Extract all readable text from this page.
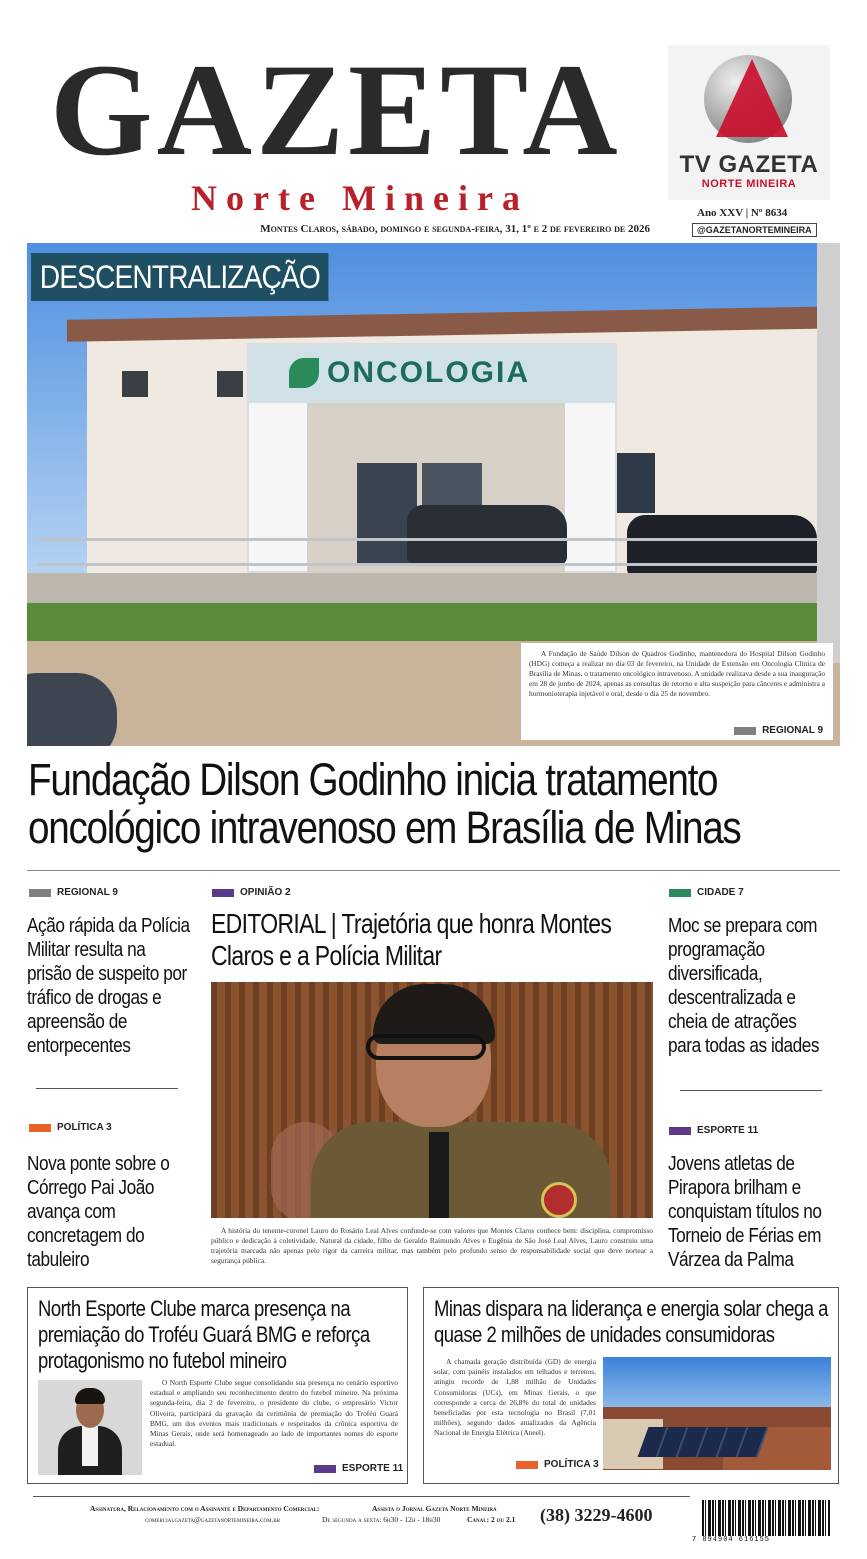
GAZETA
Norte Mineira
Montes Claros, sábado, domingo e segunda-feira, 31, 1º e 2 de fevereiro de 2026
TV GAZETA
NORTE MINEIRA
Ano XXV | Nº 8634
@GAZETANORTEMINEIRA
ONCOLOGIA
DESCENTRALIZAÇÃO

A Fundação de Saúde Dilson de Quadros Godinho, mantenedora do Hospital Dilson Godinho (HDG) começa a realizar no dia 03 de fevereiro, na Unidade de Extensão em Oncologia Clínica de Brasília de Minas, o tratamento oncológico intravenoso. A unidade realizava desde a sua inauguração em 28 de junho de 2024, apenas as consultas de retorno e alta suspeição para cânceres e administra a hormonioterapia injetável e oral, desde o dia 25 de novembro.

REGIONAL 9
Fundação Dilson Godinho inicia tratamento
oncológico intravenoso em Brasília de Minas
REGIONAL 9
Ação rápida da Polícia Militar resulta na prisão de suspeito por tráfico de drogas e apreensão de entorpecentes
POLÍTICA 3
Nova ponte sobre o Córrego Pai João avança com concretagem do tabuleiro
OPINIÃO 2
EDITORIAL | Trajetória que honra Montes Claros e a Polícia Militar

A história do tenente-coronel Lauro do Rosário Leal Alves confunde-se com valores que Montes Claros conhece bem: disciplina, compromisso público e dedicação à coletividade. Natural da cidade, filho de Geraldo Raimundo Alves e Eugênia de São José Leal Alves, Lauro construiu uma trajetória marcada não apenas pelo rigor da carreira militar, mas também pelo profundo senso de responsabilidade social que deve nortear a segurança pública.

CIDADE 7
Moc se prepara com programação diversificada, descentralizada e cheia de atrações para todas as idades
ESPORTE 11
Jovens atletas de Pirapora brilham e conquistam títulos no Torneio de Férias em Várzea da Palma
North Esporte Clube marca presença na premiação do Troféu Guará BMG e reforça protagonismo no futebol mineiro

O North Esporte Clube segue consolidando sua presença no cenário esportivo estadual e ampliando seu reconhecimento dentro do futebol mineiro. Na próxima segunda-feira, dia 2 de fevereiro, o presidente do clube, o empresário Victor Oliveira, participará da gravação da cerimônia de premiação do Troféu Guará BMG, um dos eventos mais tradicionais e respeitados da crônica esportiva de Minas Gerais, onde será homenageado ao lado de importantes nomes do esporte estadual.

ESPORTE 11
Minas dispara na liderança e energia solar chega a quase 2 milhões de unidades consumidoras

A chamada geração distribuída (GD) de energia solar, com painéis instalados em telhados e terrenos, atingiu recorde de 1,88 milhão de Unidades Consumidoras (UCs), em Minas Gerais, o que corresponde a cerca de 26,8% do total de unidades beneficiadas por esta tecnologia no Brasil (7,01 milhões), segundo dados atualizados da Agência Nacional de Energia Elétrica (Aneel).

POLÍTICA 3
Assinatura, Relacionamento com o Assinante e Departamento Comercial:	Assista o Jornal Gazeta Norte Mineira
comercialgazeta@gazetanortemineira.com.br	De segunda a sexta: 6h30 - 12h - 18h30	Canal: 2 ou 2.1 (38) 3229-4600
7 894904 616155
